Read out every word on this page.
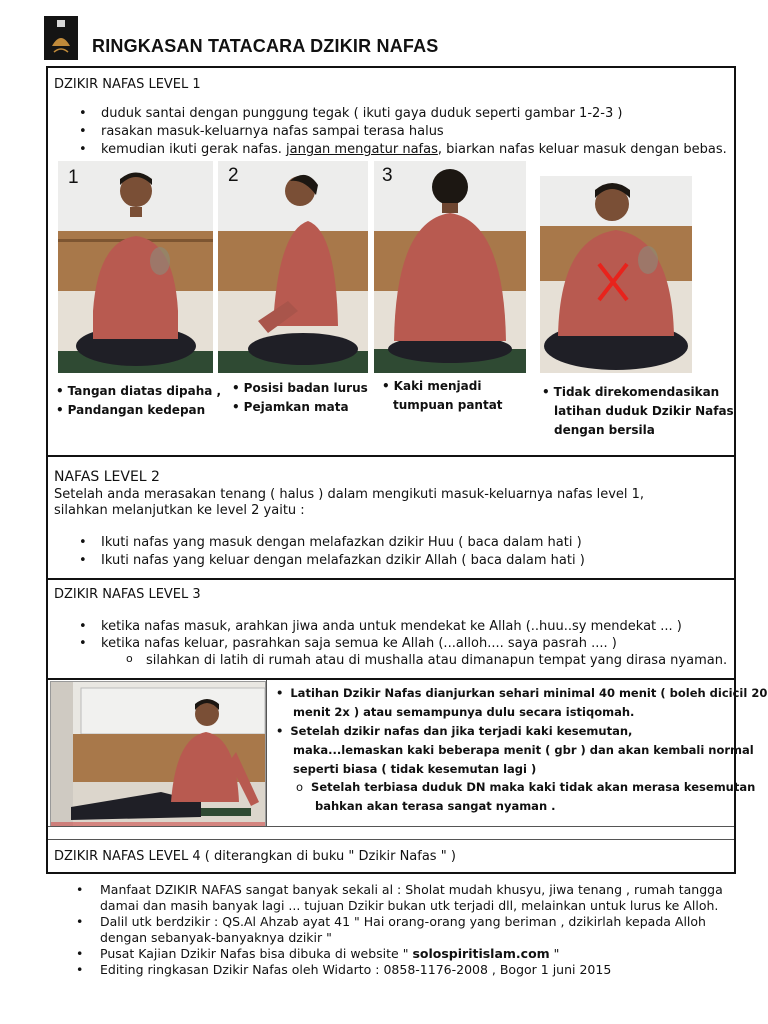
RINGKASAN TATACARA DZIKIR NAFAS
DZIKIR NAFAS LEVEL 1
• duduk santai dengan punggung tegak ( ikuti gaya duduk seperti gambar 1-2-3 )
• rasakan masuk-keluarnya nafas sampai terasa halus
• kemudian ikuti gerak nafas. jangan mengatur nafas, biarkan nafas keluar masuk dengan bebas.
1	2	3
• Tangan diatas dipaha ,
• Pandangan kedepan
• Posisi badan lurus
• Pejamkan mata
• Kaki menjadi
tumpuan pantat
• Tidak direkomendasikan
latihan duduk Dzikir Nafas
dengan bersila
NAFAS LEVEL 2
Setelah anda merasakan tenang ( halus ) dalam mengikuti masuk-keluarnya nafas level 1,
silahkan melanjutkan ke level 2 yaitu :
• Ikuti nafas yang masuk dengan melafazkan dzikir Huu ( baca dalam hati )
• Ikuti nafas yang keluar dengan melafazkan dzikir Allah ( baca dalam hati )
DZIKIR NAFAS LEVEL 3
• ketika nafas masuk, arahkan jiwa anda untuk mendekat ke Allah (..huu..sy mendekat ... )
• ketika nafas keluar, pasrahkan saja semua ke Allah (...alloh.... saya pasrah .... )
o silahkan di latih di rumah atau di mushalla atau dimanapun tempat yang dirasa nyaman.
• Latihan Dzikir Nafas dianjurkan sehari minimal 40 menit ( boleh dicicil 20
menit 2x ) atau semampunya dulu secara istiqomah.
• Setelah dzikir nafas dan jika terjadi kaki kesemutan,
maka...lemaskan kaki beberapa menit ( gbr ) dan akan kembali normal
seperti biasa ( tidak kesemutan lagi )
o Setelah terbiasa duduk DN maka kaki tidak akan merasa kesemutan
bahkan akan terasa sangat nyaman .
DZIKIR NAFAS LEVEL 4 ( diterangkan di buku " Dzikir Nafas " )
• Manfaat DZIKIR NAFAS sangat banyak sekali al : Sholat mudah khusyu, jiwa tenang , rumah tangga damai dan masih banyak lagi ... tujuan Dzikir bukan utk terjadi dll, melainkan untuk lurus ke Alloh.
• Dalil utk berdzikir : QS.Al Ahzab ayat 41 " Hai orang-orang yang beriman , dzikirlah kepada Alloh dengan sebanyak-banyaknya dzikir "
• Pusat Kajian Dzikir Nafas bisa dibuka di website " solospiritislam.com "
• Editing ringkasan Dzikir Nafas oleh Widarto : 0858-1176-2008 , Bogor 1 juni 2015
